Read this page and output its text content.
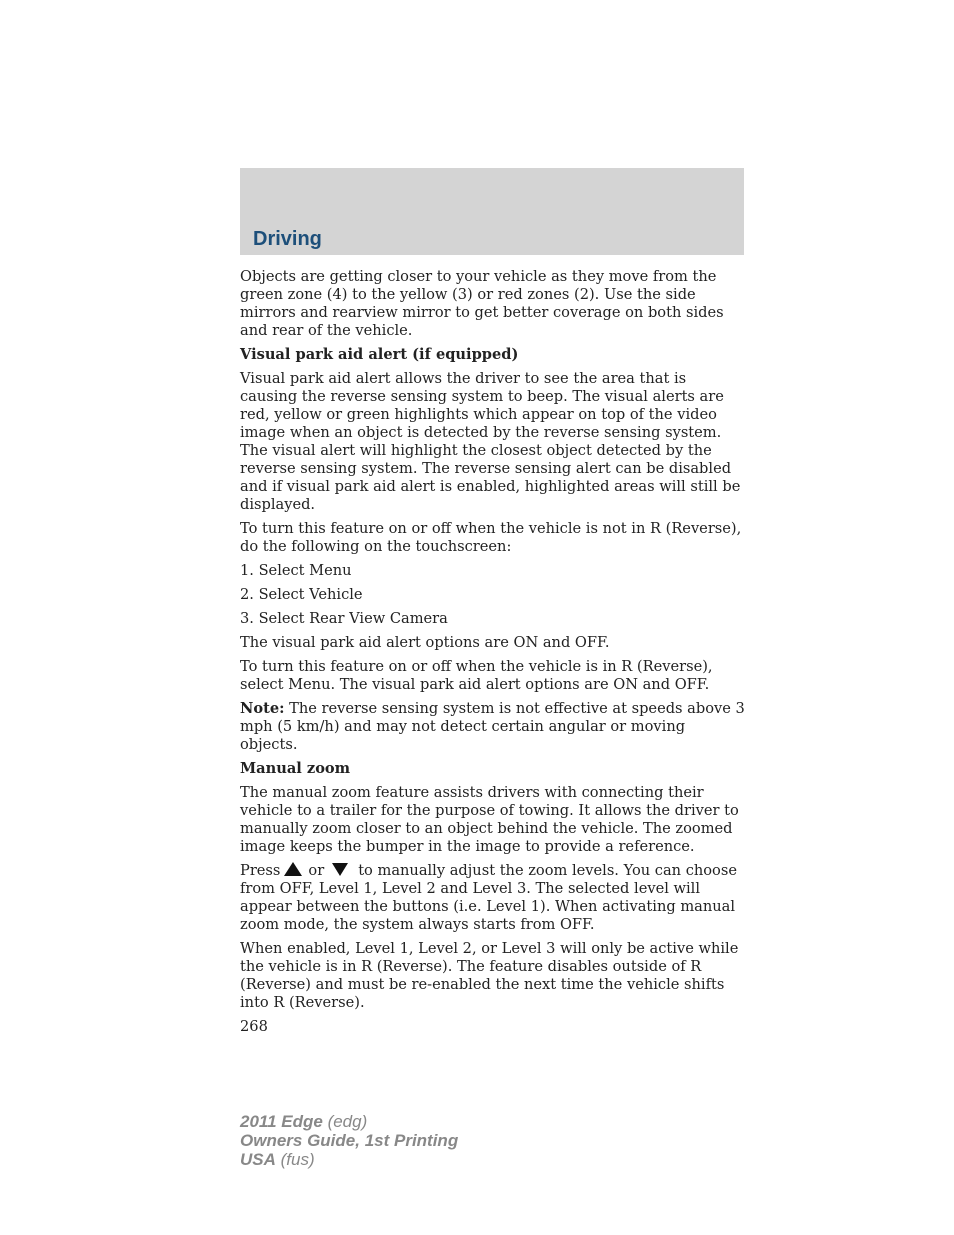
Driving

Objects are getting closer to your vehicle as they move from the green zone (4) to the yellow (3) or red zones (2). Use the side mirrors and rearview mirror to get better coverage on both sides and rear of the vehicle.

Visual park aid alert (if equipped)

Visual park aid alert allows the driver to see the area that is causing the reverse sensing system to beep. The visual alerts are red, yellow or green highlights which appear on top of the video image when an object is detected by the reverse sensing system. The visual alert will highlight the closest object detected by the reverse sensing system. The reverse sensing alert can be disabled and if visual park aid alert is enabled, highlighted areas will still be displayed.

To turn this feature on or off when the vehicle is not in R (Reverse), do the following on the touchscreen:

1. Select Menu

2. Select Vehicle

3. Select Rear View Camera

The visual park aid alert options are ON and OFF.

To turn this feature on or off when the vehicle is in R (Reverse), select Menu. The visual park aid alert options are ON and OFF.

Note: The reverse sensing system is not effective at speeds above 3 mph (5 km/h) and may not detect certain angular or moving objects.

Manual zoom

The manual zoom feature assists drivers with connecting their vehicle to a trailer for the purpose of towing. It allows the driver to manually zoom closer to an object behind the vehicle. The zoomed image keeps the bumper in the image to provide a reference.

Press or to manually adjust the zoom levels. You can choose from OFF, Level 1, Level 2 and Level 3. The selected level will appear between the buttons (i.e. Level 1). When activating manual zoom mode, the system always starts from OFF.

When enabled, Level 1, Level 2, or Level 3 will only be active while the vehicle is in R (Reverse). The feature disables outside of R (Reverse) and must be re-enabled the next time the vehicle shifts into R (Reverse).

268

2011 Edge (edg)
Owners Guide, 1st Printing
USA (fus)
